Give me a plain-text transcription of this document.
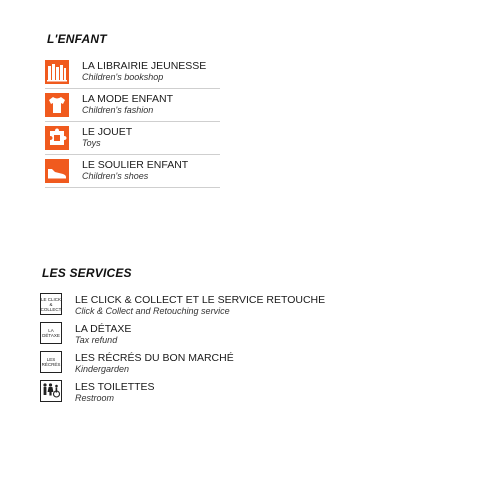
L'ENFANT
LA LIBRAIRIE JEUNESSE
Children's bookshop
LA MODE ENFANT
Children's fashion
LE JOUET
Toys
LE SOULIER ENFANT
Children's shoes
LES SERVICES
LE CLICK
&
COLLECT
LE CLICK & COLLECT ET LE SERVICE RETOUCHE
Click & Collect and Retouching service
LA
DÉTAXE
LA DÉTAXE
Tax refund
LES
RÉCRÉS
LES RÉCRÉS DU BON MARCHÉ
Kindergarden
LES TOILETTES
Restroom
